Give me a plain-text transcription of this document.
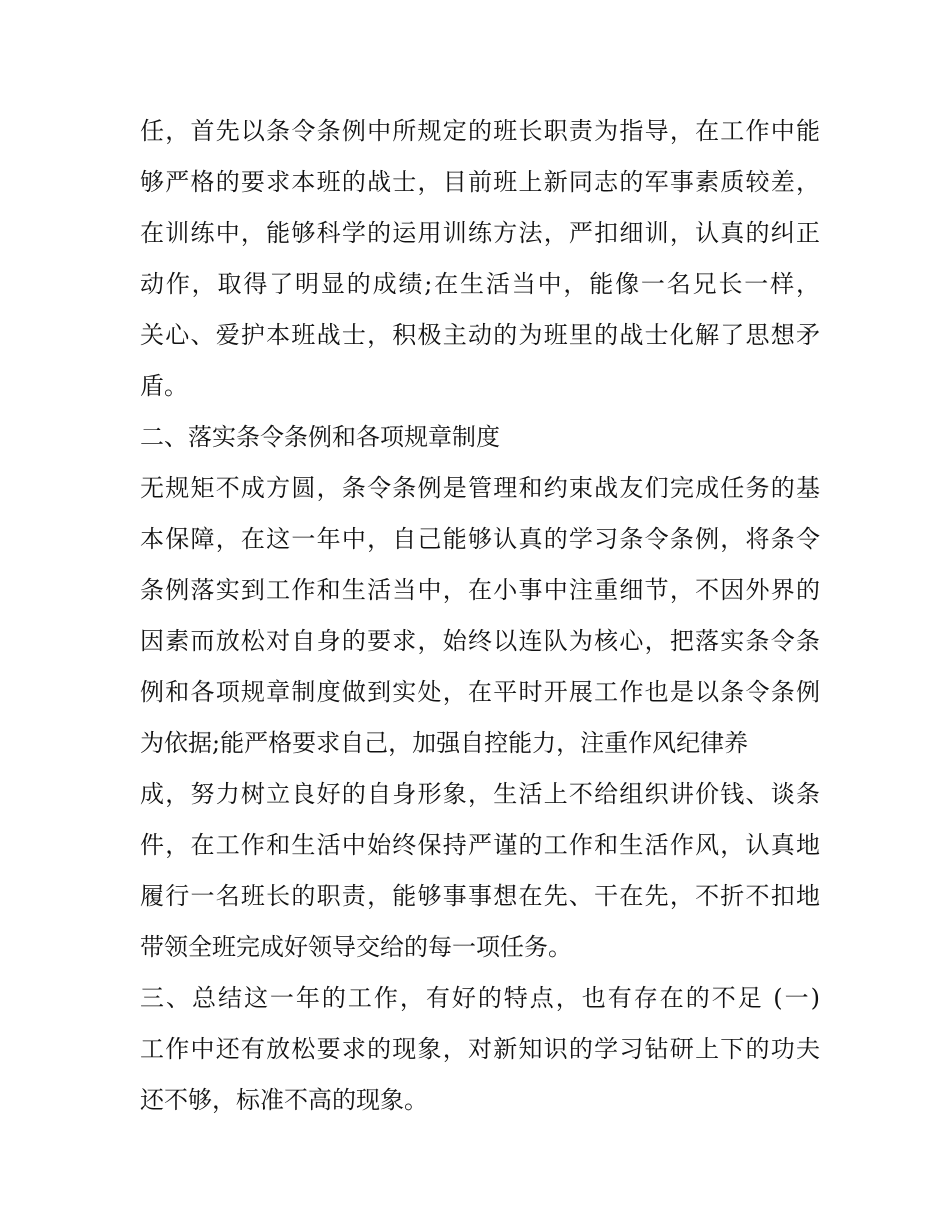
任，首先以条令条例中所规定的班长职责为指导，在工作中能
够严格的要求本班的战士，目前班上新同志的军事素质较差，
在训练中，能够科学的运用训练方法，严扣细训，认真的纠正
动作，取得了明显的成绩;在生活当中，能像一名兄长一样，
关心、爱护本班战士，积极主动的为班里的战士化解了思想矛
盾。
二、落实条令条例和各项规章制度
无规矩不成方圆，条令条例是管理和约束战友们完成任务的基
本保障，在这一年中，自己能够认真的学习条令条例，将条令
条例落实到工作和生活当中，在小事中注重细节，不因外界的
因素而放松对自身的要求，始终以连队为核心，把落实条令条
例和各项规章制度做到实处，在平时开展工作也是以条令条例
为依据;能严格要求自己，加强自控能力，注重作风纪律养
成，努力树立良好的自身形象，生活上不给组织讲价钱、谈条
件，在工作和生活中始终保持严谨的工作和生活作风，认真地
履行一名班长的职责，能够事事想在先、干在先，不折不扣地
带领全班完成好领导交给的每一项任务。
三、总结这一年的工作，有好的特点，也有存在的不足 (一)
工作中还有放松要求的现象，对新知识的学习钻研上下的功夫
还不够，标准不高的现象。
